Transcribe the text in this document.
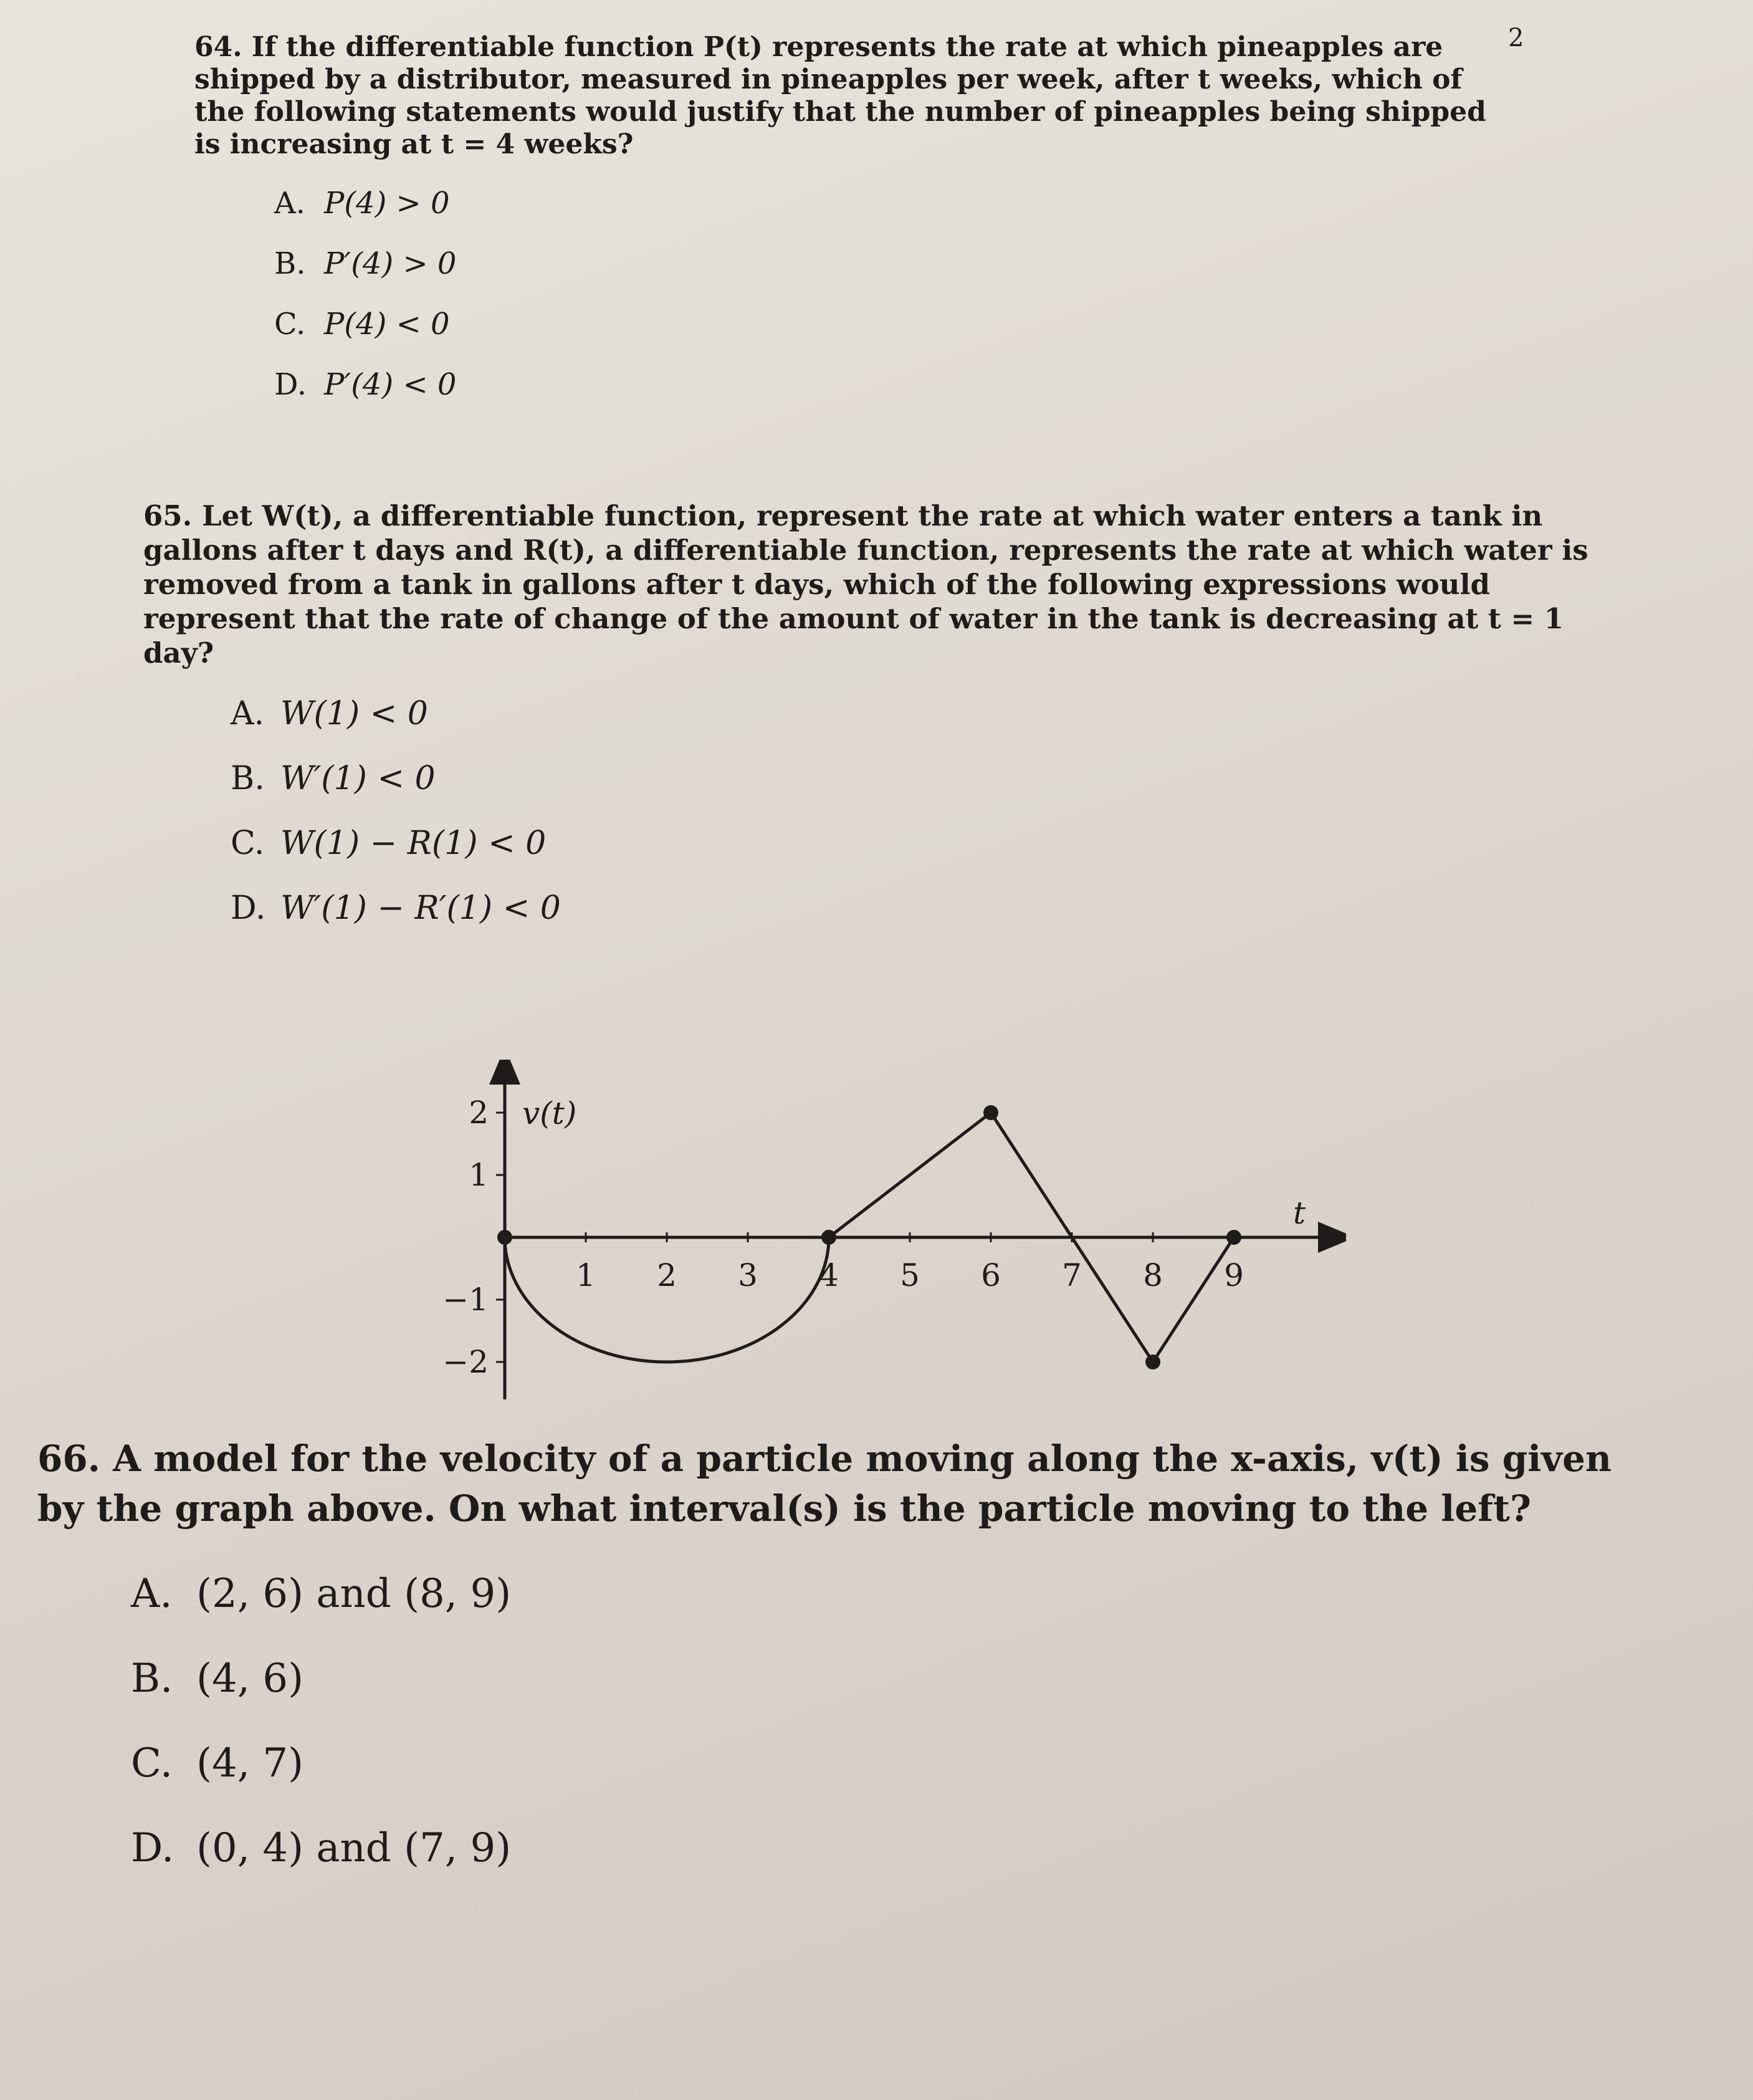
2

64. If the differentiable function P(t) represents the rate at which pineapples are shipped by a distributor, measured in pineapples per week, after t weeks, which of the following statements would justify that the number of pineapples being shipped is increasing at t = 4 weeks?

A. P(4) > 0
B. P′(4) > 0
C. P(4) < 0
D. P′(4) < 0

65. Let W(t), a differentiable function, represent the rate at which water enters a tank in gallons after t days and R(t), a differentiable function, represents the rate at which water is removed from a tank in gallons after t days, which of the following expressions would represent that the rate of change of the amount of water in the tank is decreasing at t = 1 day?

A. W(1) < 0
B. W′(1) < 0
C. W(1) − R(1) < 0
D. W′(1) − R′(1) < 0
1 2 3 4 5 6 7 8 9
2
1
−1
−2
v(t)
t

66. A model for the velocity of a particle moving along the x-axis, v(t) is given by the graph above. On what interval(s) is the particle moving to the left?

A. (2, 6) and (8, 9)
B. (4, 6)
C. (4, 7)
D. (0, 4) and (7, 9)
